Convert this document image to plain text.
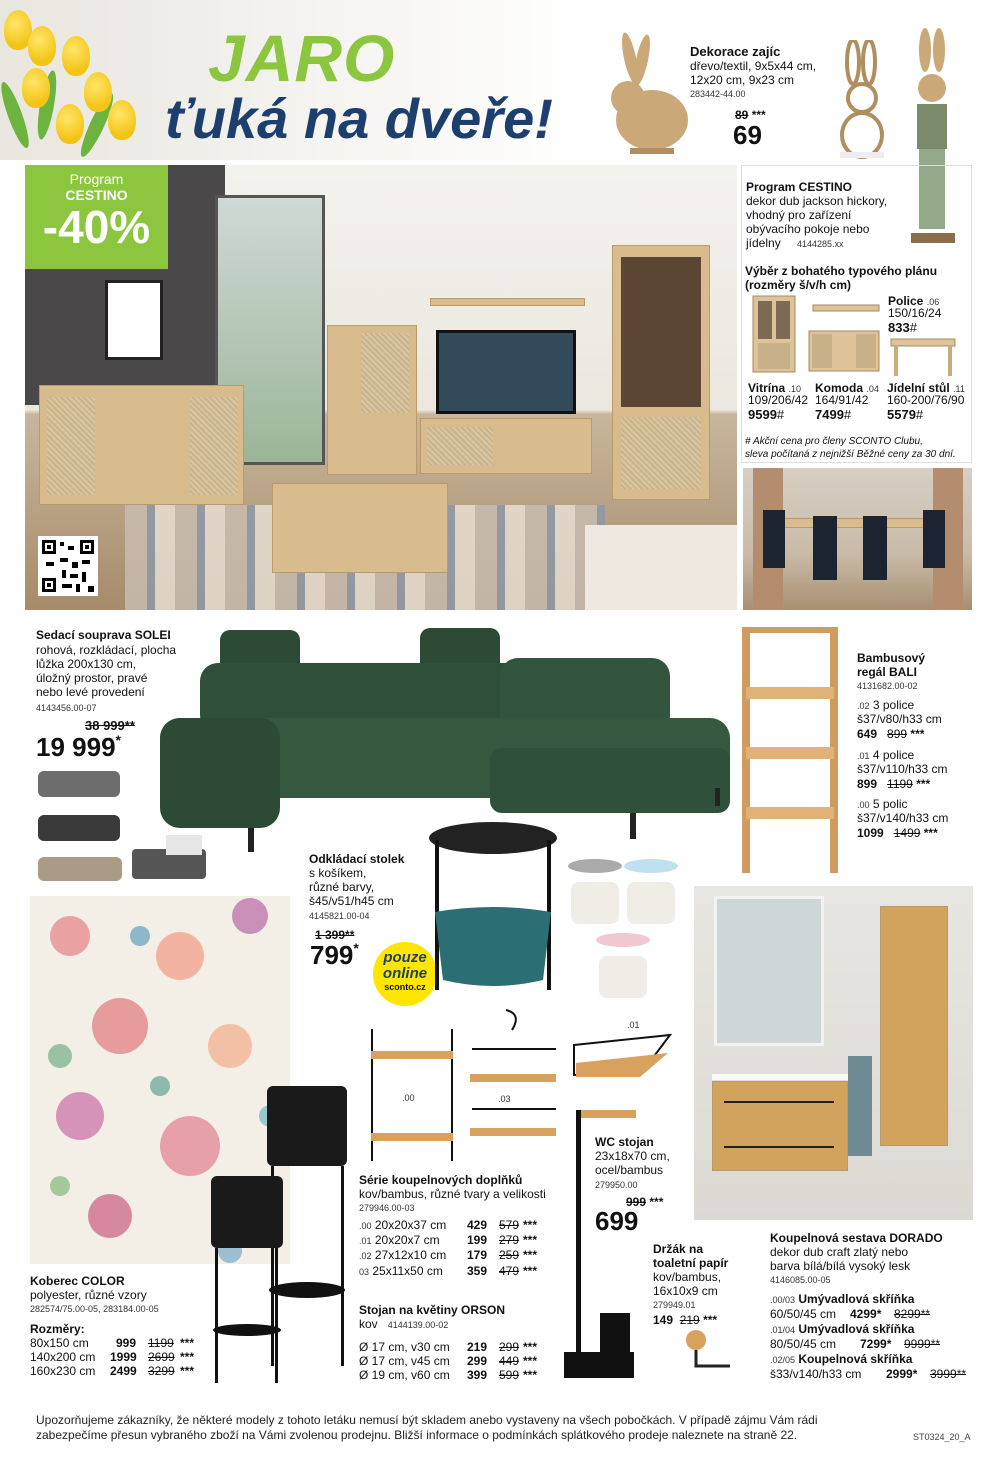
JARO
ťuká na dveře!
Dekorace zajíc
dřevo/textil, 9x5x44 cm,
12x20 cm, 9x23 cm
283442-44.00
89 ***
69
Program
CESTINO
-40%
Program CESTINO
dekor dub jackson hickory,
vhodný pro zařízení
obývacího pokoje nebo
jídelny 4144285.xx
Výběr z bohatého typového plánu
(rozměry š/v/h cm)
Police .06
150/16/24
833#
Vitrína .10
109/206/42
9599#
Komoda .04
164/91/42
7499#
Jídelní stůl .11
160-200/76/90
5579#
# Akční cena pro členy SCONTO Clubu,
sleva počítaná z nejnižší Běžné ceny za 30 dní.
Sedací souprava SOLEI
rohová, rozkládací, plocha
lůžka 200x130 cm,
úložný prostor, pravé
nebo levé provedení
4143456.00-07
38 999**
19 999*
Bambusový
regál BALI
4131682.00-02
.02 3 police
š37/v80/h33 cm
649 899 ***
.01 4 police
š37/v110/h33 cm
899 1199 ***
.00 5 polic
š37/v140/h33 cm
1099 1499 ***
Odkládací stolek
s košíkem,
různé barvy,
š45/v51/h45 cm
4145821.00-04
1 399**
799*
pouze
online
sconto.cz
Koberec COLOR
polyester, různé vzory
282574/75.00-05, 283184.00-05
Rozměry:
80x150 cm 999 1199 ***
140x200 cm 1999 2699 ***
160x230 cm 2499 3299 ***
.00	.03
.01
Série koupelnových doplňků
kov/bambus, různé tvary a velikosti
279946.00-03
.00 20x20x37 cm 429 579 ***
.01 20x20x7 cm 199 279 ***
.02 27x12x10 cm 179 259 ***
03 25x11x50 cm 359 479 ***
Stojan na květiny ORSON
kov 4144139.00-02
Ø 17 cm, v30 cm 219 299 ***
Ø 17 cm, v45 cm 299 449 ***
Ø 19 cm, v60 cm 399 599 ***
WC stojan
23x18x70 cm,
ocel/bambus
279950.00
999 ***
699
Držák na
toaletní papír
kov/bambus,
16x10x9 cm
279949.01
149 219 ***
Koupelnová sestava DORADO
dekor dub craft zlatý nebo
barva bílá/bílá vysoký lesk
4146085.00-05
.00/03 Umývadlová skříňka
60/50/45 cm 4299* 8299**
.01/04 Umývadlová skříňka
80/50/45 cm 7299* 9999**
.02/05 Koupelnová skříňka
š33/v140/h33 cm 2999* 3999**
Upozorňujeme zákazníky, že některé modely z tohoto letáku nemusí být skladem anebo vystaveny na všech pobočkách. V případě zájmu Vám rádi
zabezpečíme přesun vybraného zboží na Vámi zvolenou prodejnu. Bližší informace o podmínkách splátkového prodeje naleznete na straně 22.	ST0324_20_A
